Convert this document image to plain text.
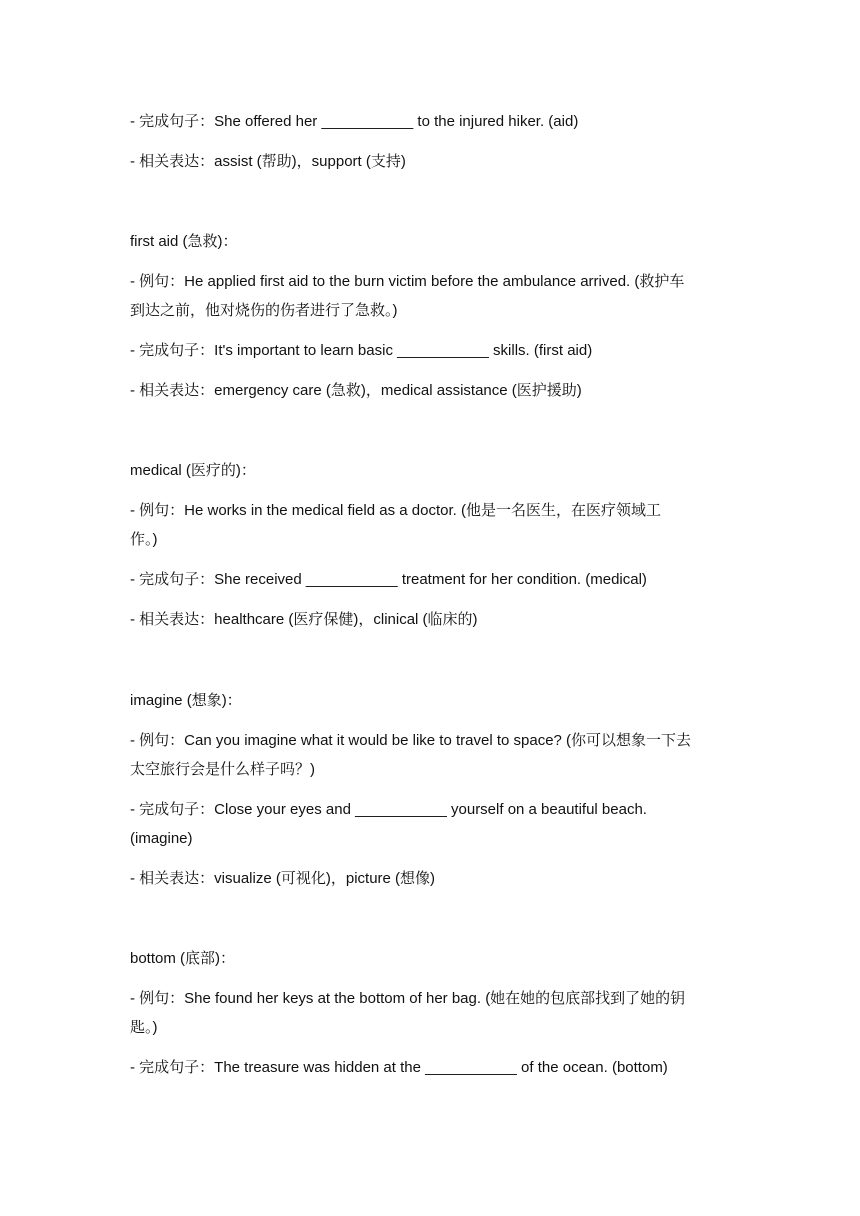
- 完成句子：She offered her ___________ to the injured hiker. (aid)
- 相关表达：assist (帮助)，support (支持)
first aid (急救)：
- 例句：He applied first aid to the burn victim before the ambulance arrived. (救护车
到达之前，他对烧伤的伤者进行了急救。)
- 完成句子：It's important to learn basic ___________ skills. (first aid)
- 相关表达：emergency care (急救)，medical assistance (医护援助)
medical (医疗的)：
- 例句：He works in the medical field as a doctor. (他是一名医生，在医疗领域工
作。)
- 完成句子：She received ___________ treatment for her condition. (medical)
- 相关表达：healthcare (医疗保健)，clinical (临床的)
imagine (想象)：
- 例句：Can you imagine what it would be like to travel to space? (你可以想象一下去
太空旅行会是什么样子吗？)
- 完成句子：Close your eyes and ___________ yourself on a beautiful beach.
(imagine)
- 相关表达：visualize (可视化)，picture (想像)
bottom (底部)：
- 例句：She found her keys at the bottom of her bag. (她在她的包底部找到了她的钥
匙。)
- 完成句子：The treasure was hidden at the ___________ of the ocean. (bottom)
